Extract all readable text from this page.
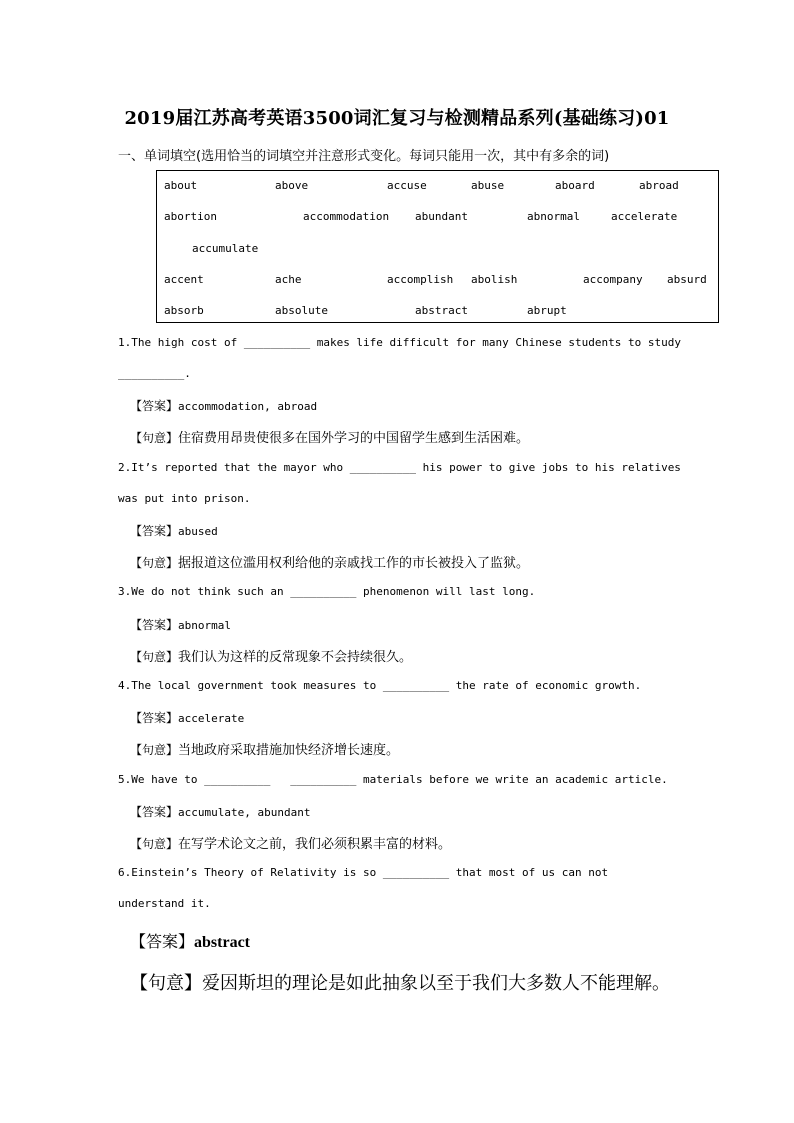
2019届江苏高考英语3500词汇复习与检测精品系列(基础练习)01
一、单词填空(选用恰当的词填空并注意形式变化。每词只能用一次，其中有多余的词)
about	above	accuse	abuse	aboard	abroad
abortion	accommodation abundant	abnormal	accelerate
accumulate
accent	ache	accomplish abolish	accompany absurd
absorb	absolute	abstract	abrupt
1.The high cost of __________ makes life difficult for many Chinese students to study
__________.
【答案】accommodation, abroad
【句意】住宿费用昂贵使很多在国外学习的中国留学生感到生活困难。
2.It’s reported that the mayor who __________ his power to give jobs to his relatives
was put into prison.
【答案】abused
【句意】据报道这位滥用权利给他的亲戚找工作的市长被投入了监狱。
3.We do not think such an __________ phenomenon will last long.
【答案】abnormal
【句意】我们认为这样的反常现象不会持续很久。
4.The local government took measures to __________ the rate of economic growth.
【答案】accelerate
【句意】当地政府采取措施加快经济增长速度。
5.We have to __________ __________ materials before we write an academic article.
【答案】accumulate, abundant
【句意】在写学术论文之前，我们必须积累丰富的材料。
6.Einstein’s Theory of Relativity is so __________ that most of us can not
understand it.
【答案】abstract
【句意】爱因斯坦的理论是如此抽象以至于我们大多数人不能理解。
